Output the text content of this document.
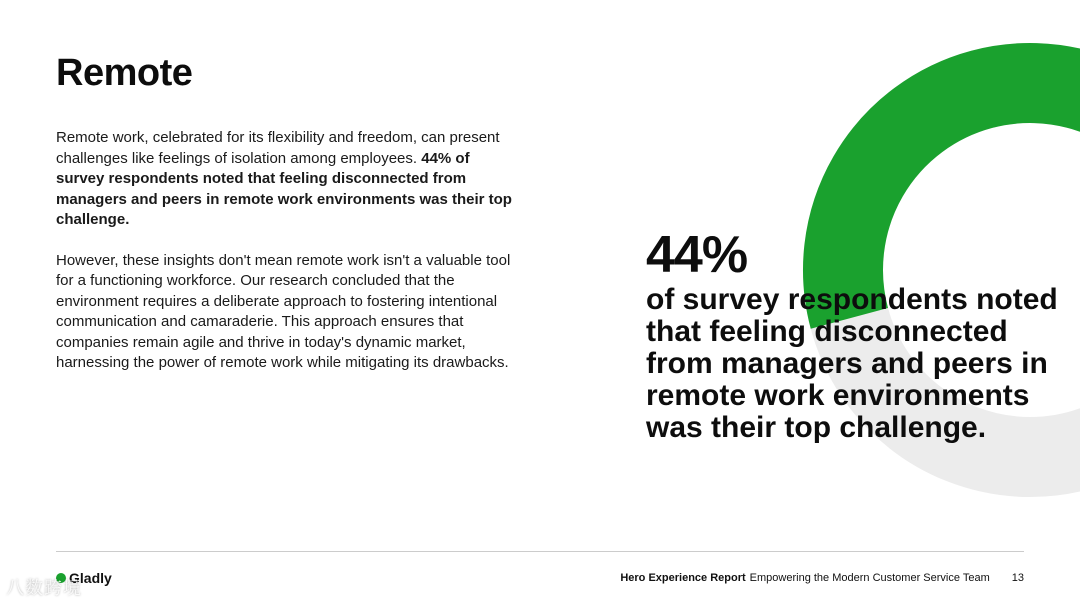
Remote

Remote work, celebrated for its flexibility and freedom, can present challenges like feelings of isolation among employees. 44% of survey respondents noted that feeling disconnected from managers and peers in remote work environments was their top challenge.

However, these insights don't mean remote work isn't a valuable tool for a functioning workforce. Our research concluded that the environment requires a deliberate approach to fostering intentional communication and camaraderie. This approach ensures that companies remain agile and thrive in today's dynamic market, harnessing the power of remote work while mitigating its drawbacks.

44%
of survey respondents noted that feeling disconnected from managers and peers in remote work environments was their top challenge.
Gladly
八数跨境	Hero Experience Report Empowering the Modern Customer Service Team 13
